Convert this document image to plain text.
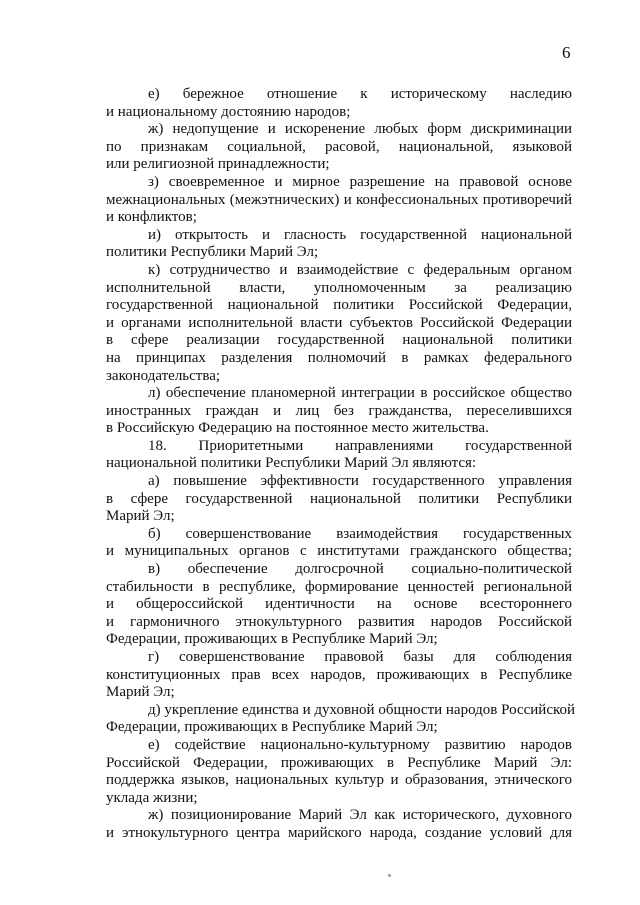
6
е) бережное отношение к историческому наследию
и национальному достоянию народов;
ж) недопущение и искоренение любых форм дискриминации
по признакам социальной, расовой, национальной, языковой
или религиозной принадлежности;
з) своевременное и мирное разрешение на правовой основе
межнациональных (межэтнических) и конфессиональных противоречий
и конфликтов;
и) открытость и гласность государственной национальной
политики Республики Марий Эл;
к) сотрудничество и взаимодействие с федеральным органом
исполнительной власти, уполномоченным за реализацию
государственной национальной политики Российской Федерации,
и органами исполнительной власти субъектов Российской Федерации
в сфере реализации государственной национальной политики
на принципах разделения полномочий в рамках федерального
законодательства;
л) обеспечение планомерной интеграции в российское общество
иностранных граждан и лиц без гражданства, переселившихся
в Российскую Федерацию на постоянное место жительства.
18. Приоритетными направлениями государственной
национальной политики Республики Марий Эл являются:
а) повышение эффективности государственного управления
в сфере государственной национальной политики Республики
Марий Эл;
б) совершенствование взаимодействия государственных
и муниципальных органов с институтами гражданского общества;
в) обеспечение долгосрочной социально-политической
стабильности в республике, формирование ценностей региональной
и общероссийской идентичности на основе всестороннего
и гармоничного этнокультурного развития народов Российской
Федерации, проживающих в Республике Марий Эл;
г) совершенствование правовой базы для соблюдения
конституционных прав всех народов, проживающих в Республике
Марий Эл;
д) укрепление единства и духовной общности народов Российской
Федерации, проживающих в Республике Марий Эл;
е) содействие национально-культурному развитию народов
Российской Федерации, проживающих в Республике Марий Эл:
поддержка языков, национальных культур и образования, этнического
уклада жизни;
ж) позиционирование Марий Эл как исторического, духовного
и этнокультурного центра марийского народа, создание условий для
